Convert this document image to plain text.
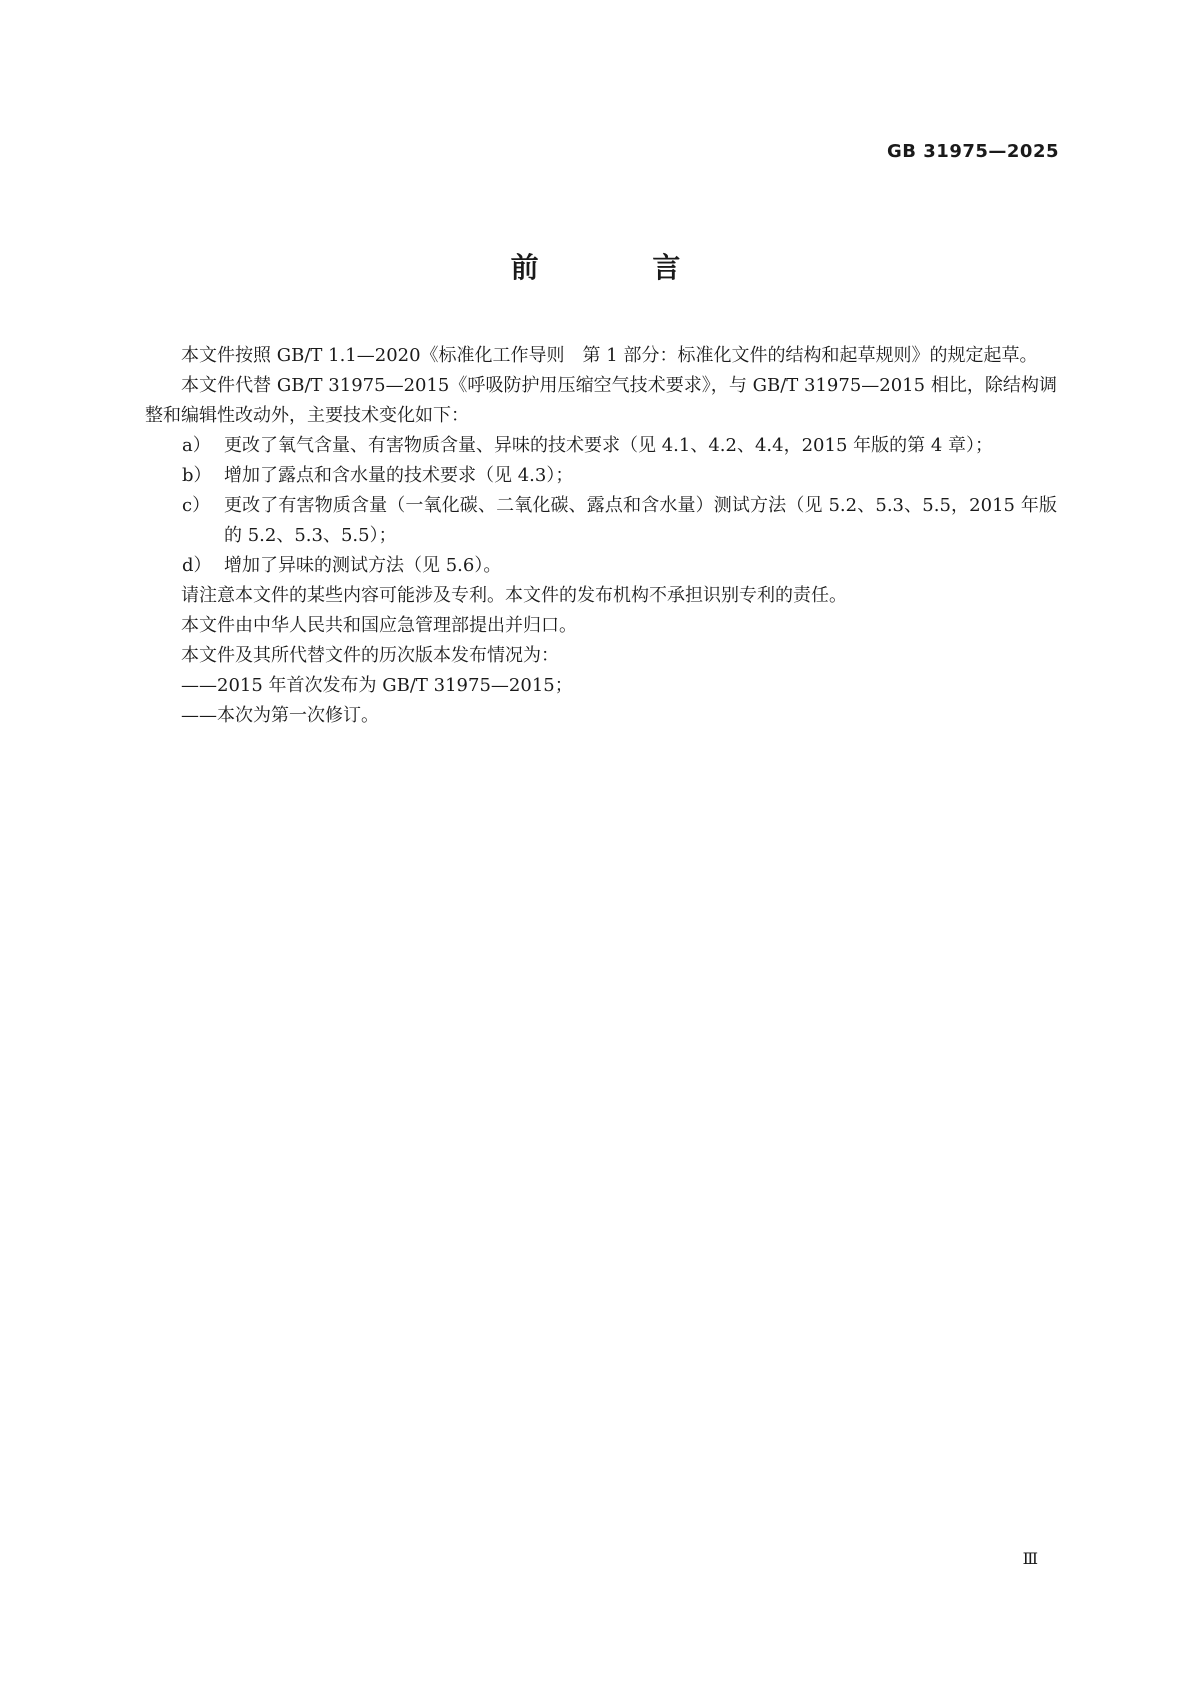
GB 31975—2025
前 言

本文件按照 GB/T 1.1—2020《标准化工作导则　第 1 部分：标准化文件的结构和起草规则》的规定起草。

本文件代替 GB/T 31975—2015《呼吸防护用压缩空气技术要求》，与 GB/T 31975—2015 相比，除结构调整和编辑性改动外，主要技术变化如下：

a） 更改了氧气含量、有害物质含量、异味的技术要求（见 4.1、4.2、4.4，2015 年版的第 4 章）；

b） 增加了露点和含水量的技术要求（见 4.3）；

c） 更改了有害物质含量（一氧化碳、二氧化碳、露点和含水量）测试方法（见 5.2、5.3、5.5，2015 年版的 5.2、5.3、5.5）；

d） 增加了异味的测试方法（见 5.6）。

请注意本文件的某些内容可能涉及专利。本文件的发布机构不承担识别专利的责任。

本文件由中华人民共和国应急管理部提出并归口。

本文件及其所代替文件的历次版本发布情况为：

——2015 年首次发布为 GB/T 31975—2015；

——本次为第一次修订。

Ⅲ
